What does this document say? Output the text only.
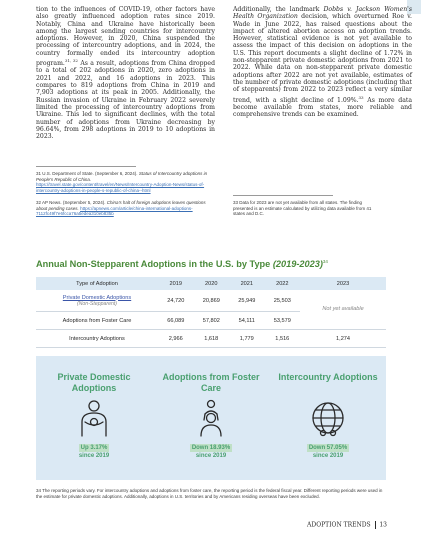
tion to the influences of COVID-19, other factors have also greatly influenced adoption rates since 2019. Notably, China and Ukraine have historically been among the largest sending countries for intercountry adoptions. However, in 2020, China suspended the processing of intercountry adoptions, and in 2024, the country formally ended its intercountry adoption program.$^{31, 32}$ As a result, adoptions from China dropped to a total of 202 adoptions in 2020, zero adoptions in 2021 and 2022, and 16 adoptions in 2023. This compares to 819 adoptions from China in 2019 and 7,903 adoptions at its peak in 2005. Additionally, the Russian invasion of Ukraine in February 2022 severely limited the processing of intercountry adoptions from Ukraine. This led to significant declines, with the total number of adoptions from Ukraine decreasing by 96.64%, from 298 adoptions in 2019 to 10 adoptions in 2023.

Additionally, the landmark Dobbs v. Jackson Women's Health Organization decision, which overturned Roe v. Wade in June 2022, has raised questions about the impact of altered abortion access on adoption trends. However, statistical evidence is not yet available to assess the impact of this decision on adoptions in the U.S. This report documents a slight decline of 1.72% in non-stepparent private domestic adoptions from 2021 to 2022. While data on non-stepparent private domestic adoptions after 2022 are not yet available, estimates of the number of private domestic adoptions (including that of stepparents) from 2022 to 2023 reflect a very similar trend, with a slight decline of 1.09%.$^{33}$ As more data become available from states, more reliable and comprehensive trends can be examined.

31 U.S. Department of State. (September 6, 2024). Status of Intercountry adoptions in People's Republic of China. https://travel.state.gov/content/travel/en/News/Intercountry-Adoption-News/status-of-intercountry-adoptions-in-people-s-republic-of-china--html
32 AP News. (September 5, 2024). China's halt of foreign adoptions leaves questions about pending cases. https://apnews.com/article/china-international-adoptions-7112fc49f7e6fcca76a5edea310eb835b
33 Data for 2023 are not yet available from all states. The finding presented is an estimate calculated by utilizing data available from 41 states and D.C.
Annual Non-Stepparent Adoptions in the U.S. by Type (2019-2023)$^{34}$
Type of Adoption	2019	2020	2021	2022	2023
Private Domestic Adoptions
(Non-Stepparent)	24,720	20,869	25,949	25,503	Not yet available
Adoptions from Foster Care	66,089	57,802	54,111	53,579	
Intercountry Adoptions	2,966	1,618	1,779	1,516	1,274
Private Domestic Adoptions
Up 3.17%
since 2019
Adoptions from Foster Care
Down 18.93%
since 2019
Intercountry Adoptions
Down 57.05%
since 2019
34 The reporting periods vary. For intercountry adoptions and adoptions from foster care, the reporting period is the federal fiscal year. Different reporting periods were used in the estimate for private domestic adoptions. Additionally, adoptions in U.S. territories and by Americans residing overseas have been excluded.
ADOPTION TRENDS 13
